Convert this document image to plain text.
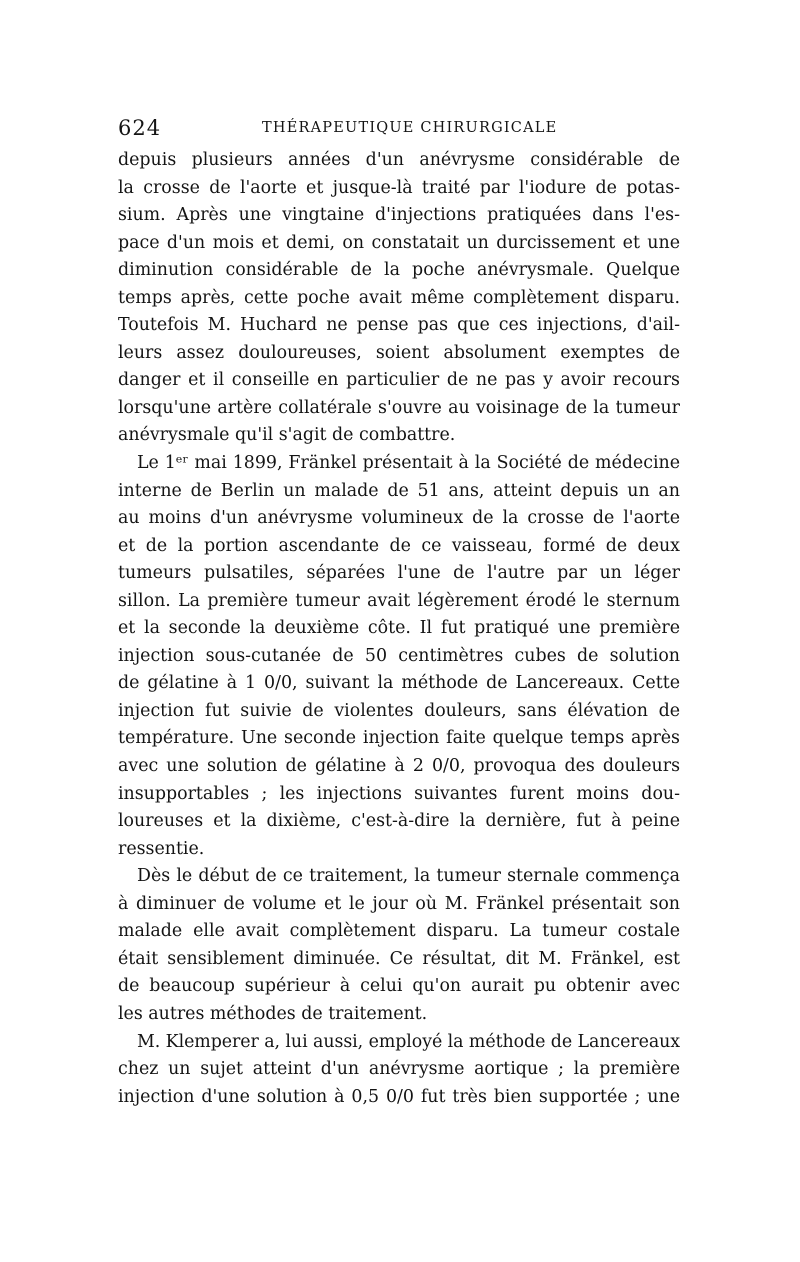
624	THÉRAPEUTIQUE CHIRURGICALE
depuis plusieurs années d'un anévrysme considérable de
la crosse de l'aorte et jusque-là traité par l'iodure de potas-
sium. Après une vingtaine d'injections pratiquées dans l'es-
pace d'un mois et demi, on constatait un durcissement et une
diminution considérable de la poche anévrysmale. Quelque
temps après, cette poche avait même complètement disparu.
Toutefois M. Huchard ne pense pas que ces injections, d'ail-
leurs assez douloureuses, soient absolument exemptes de
danger et il conseille en particulier de ne pas y avoir recours
lorsqu'une artère collatérale s'ouvre au voisinage de la tumeur
anévrysmale qu'il s'agit de combattre.
Le 1ᵉʳ mai 1899, Fränkel présentait à la Société de médecine
interne de Berlin un malade de 51 ans, atteint depuis un an
au moins d'un anévrysme volumineux de la crosse de l'aorte
et de la portion ascendante de ce vaisseau, formé de deux
tumeurs pulsatiles, séparées l'une de l'autre par un léger
sillon. La première tumeur avait légèrement érodé le sternum
et la seconde la deuxième côte. Il fut pratiqué une première
injection sous-cutanée de 50 centimètres cubes de solution
de gélatine à 1 0/0, suivant la méthode de Lancereaux. Cette
injection fut suivie de violentes douleurs, sans élévation de
température. Une seconde injection faite quelque temps après
avec une solution de gélatine à 2 0/0, provoqua des douleurs
insupportables ; les injections suivantes furent moins dou-
loureuses et la dixième, c'est-à-dire la dernière, fut à peine
ressentie.
Dès le début de ce traitement, la tumeur sternale commença
à diminuer de volume et le jour où M. Fränkel présentait son
malade elle avait complètement disparu. La tumeur costale
était sensiblement diminuée. Ce résultat, dit M. Fränkel, est
de beaucoup supérieur à celui qu'on aurait pu obtenir avec
les autres méthodes de traitement.
M. Klemperer a, lui aussi, employé la méthode de Lancereaux
chez un sujet atteint d'un anévrysme aortique ; la première
injection d'une solution à 0,5 0/0 fut très bien supportée ; une
